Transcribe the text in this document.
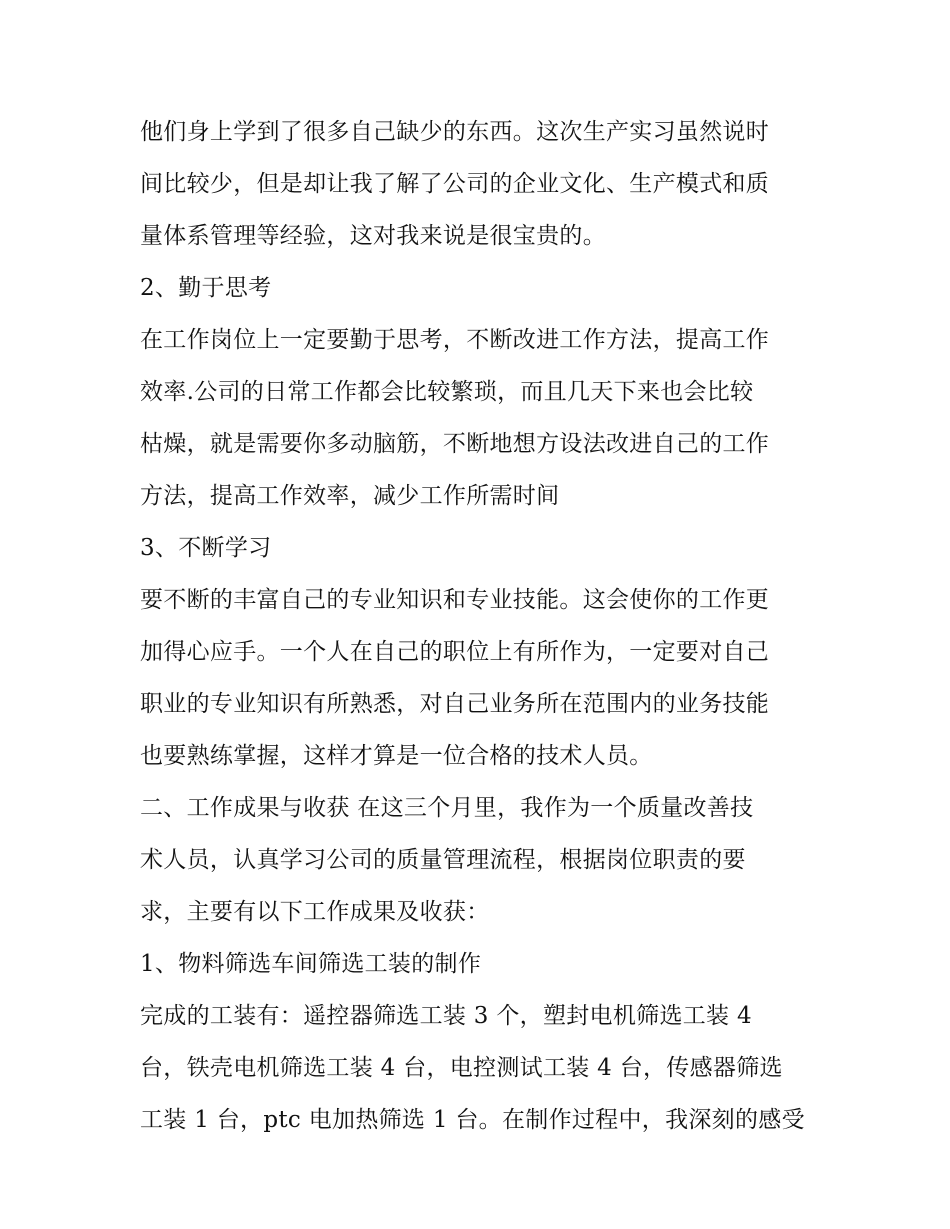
他们身上学到了很多自己缺少的东西。这次生产实习虽然说时
间比较少，但是却让我了解了公司的企业文化、生产模式和质
量体系管理等经验，这对我来说是很宝贵的。
2、勤于思考
在工作岗位上一定要勤于思考，不断改进工作方法，提高工作
效率.公司的日常工作都会比较繁琐，而且几天下来也会比较
枯燥，就是需要你多动脑筋，不断地想方设法改进自己的工作
方法，提高工作效率，减少工作所需时间
3、不断学习
要不断的丰富自己的专业知识和专业技能。这会使你的工作更
加得心应手。一个人在自己的职位上有所作为，一定要对自己
职业的专业知识有所熟悉，对自己业务所在范围内的业务技能
也要熟练掌握，这样才算是一位合格的技术人员。
二、工作成果与收获 在这三个月里，我作为一个质量改善技
术人员，认真学习公司的质量管理流程，根据岗位职责的要
求，主要有以下工作成果及收获：
1、物料筛选车间筛选工装的制作
完成的工装有：遥控器筛选工装 3 个，塑封电机筛选工装 4
台，铁壳电机筛选工装 4 台，电控测试工装 4 台，传感器筛选
工装 1 台，ptc 电加热筛选 1 台。在制作过程中，我深刻的感受
